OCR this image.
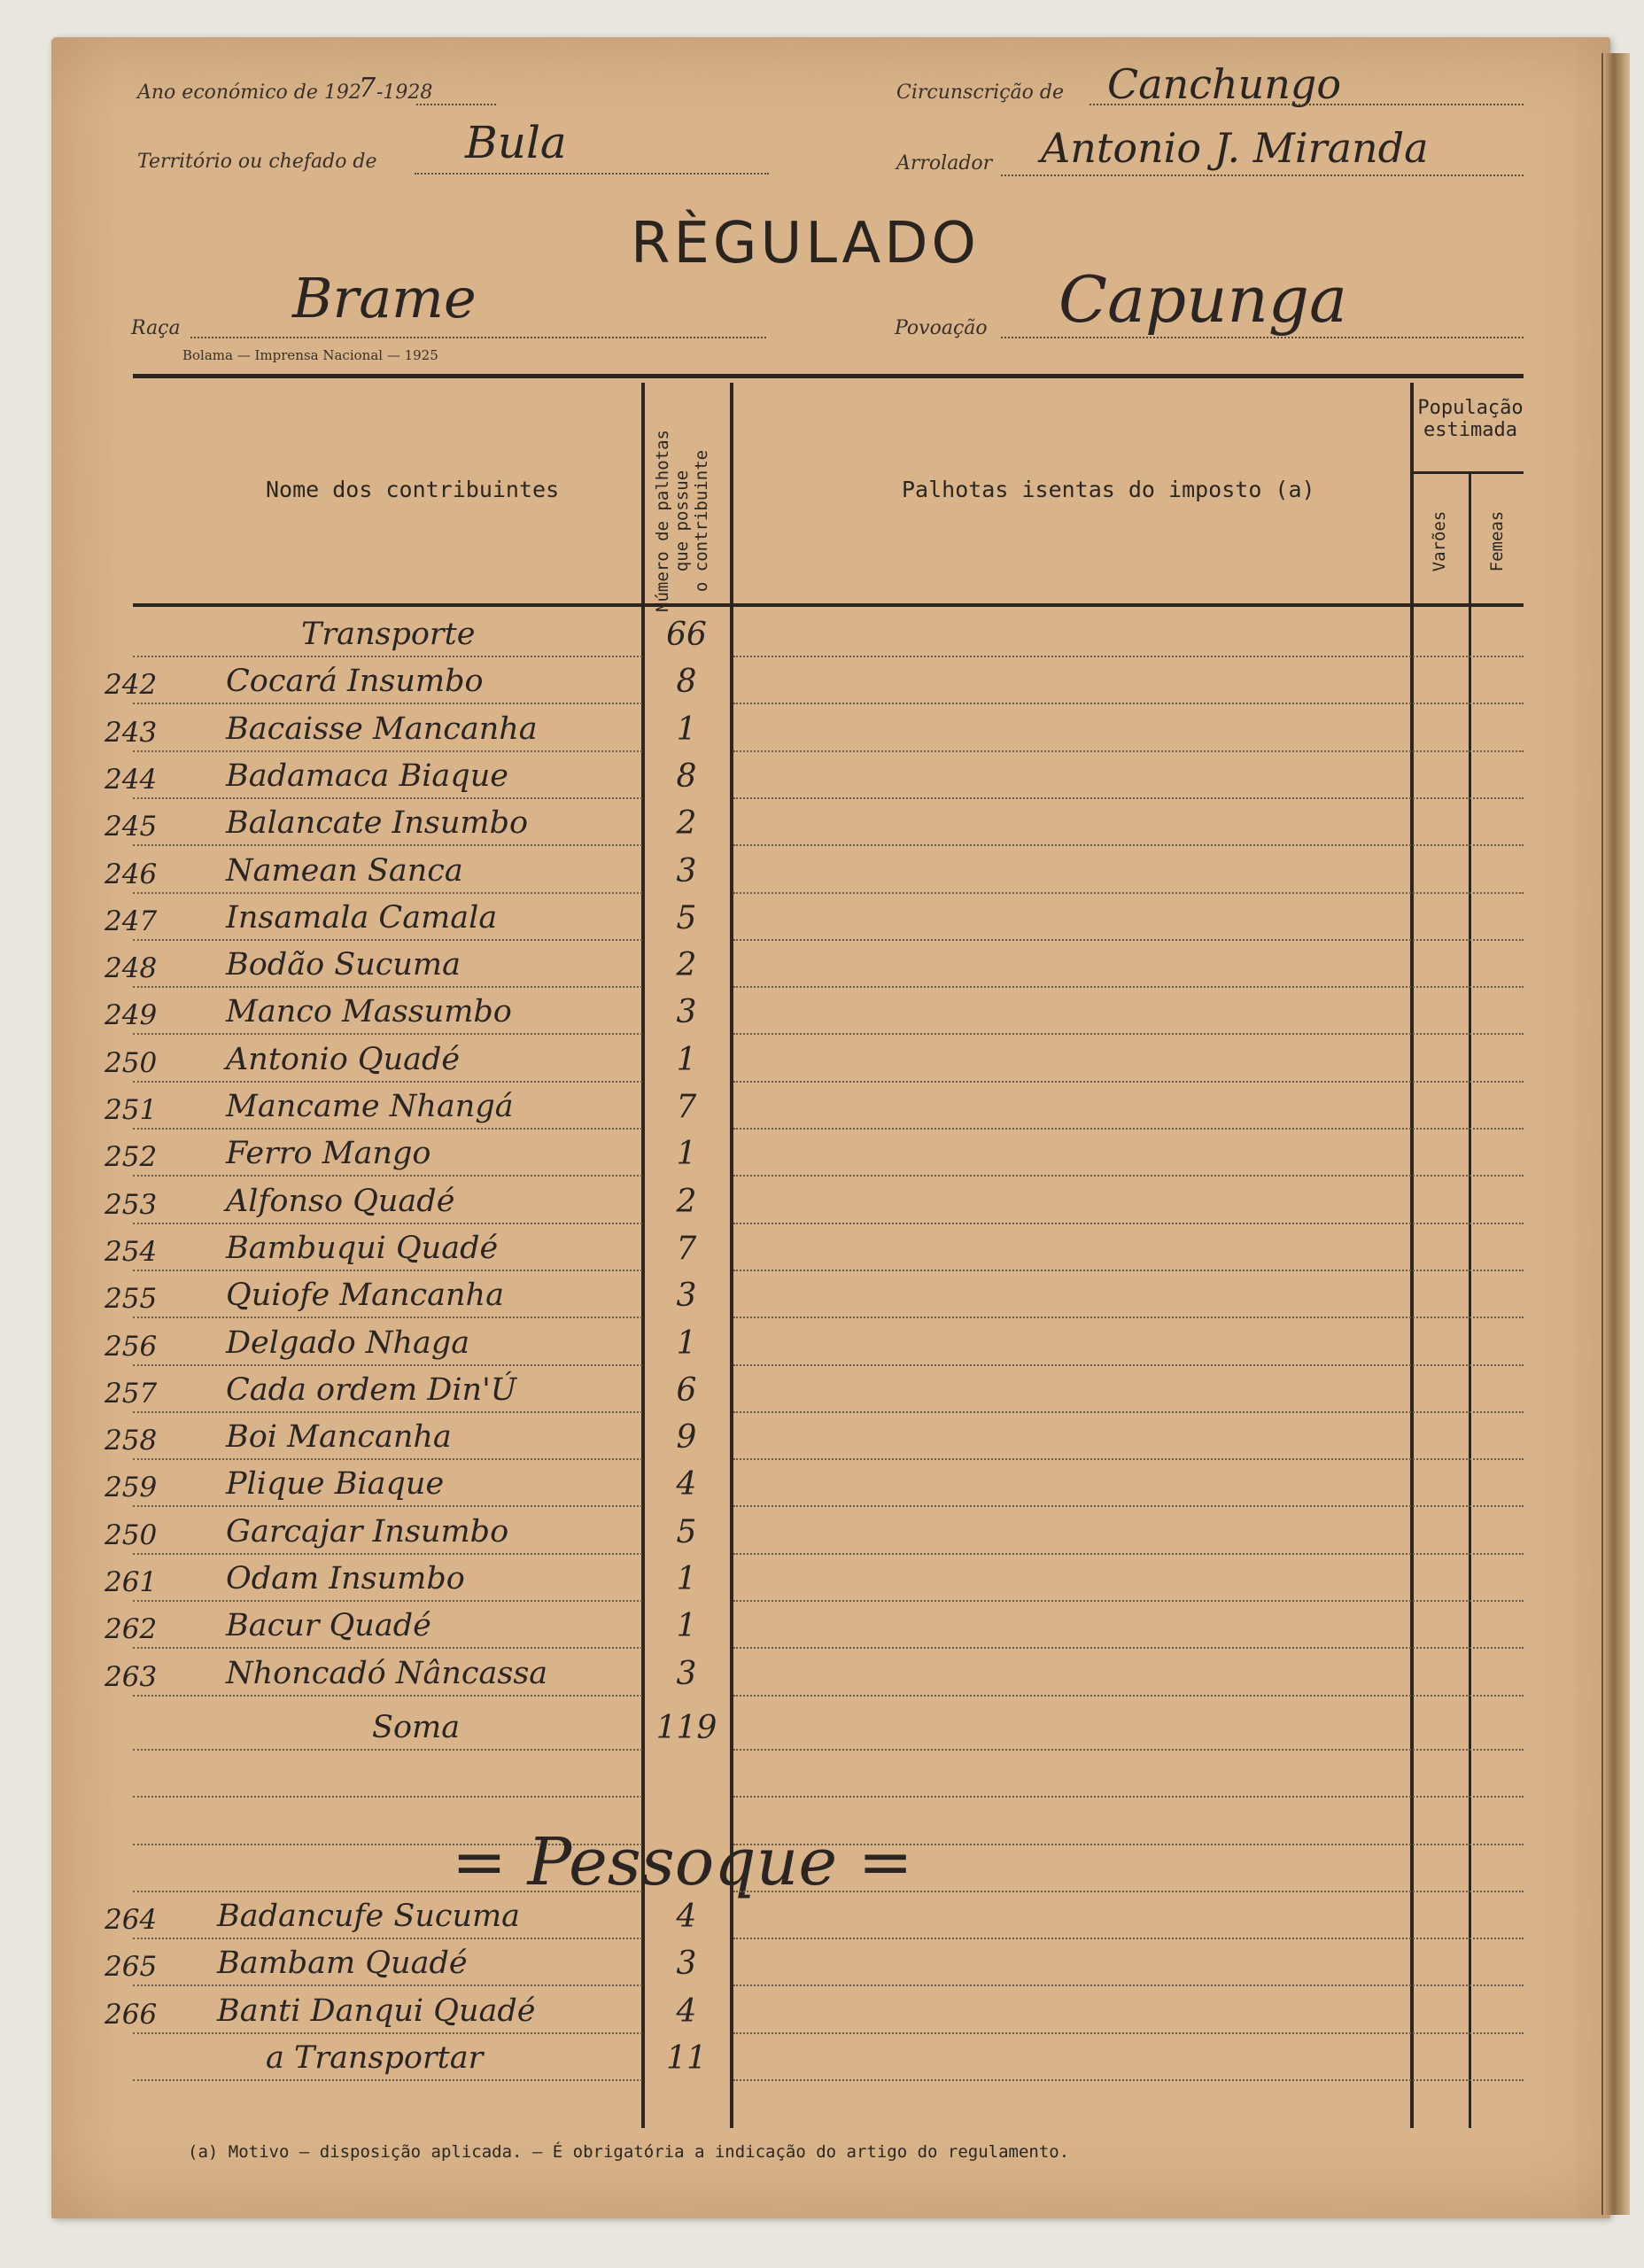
Ano económico de 192
7 -1928	Circunscrição de Canchungo
Território ou chefado de Bula	Arrolador Antonio J. Miranda
RÈGULADO
Raça Brame	Povoação Capunga
Bolama — Imprensa Nacional — 1925
Nome dos contribuintes	Número de palhotas que possue o contribuinte	Palhotas isentas do imposto (a)
População
estimada
Varões Femeas
Transporte	66
242 Cocará Insumbo	8
243 Bacaisse Mancanha	1
244 Badamaca Biaque	8
245 Balancate Insumbo	2
246 Namean Sanca	3
247 Insamala Camala	5
248 Bodão Sucuma	2
249 Manco Massumbo	3
250 Antonio Quadé	1
251 Mancame Nhangá	7
252 Ferro Mango	1
253 Alfonso Quadé	2
254 Bambuqui Quadé	7
255 Quiofe Mancanha	3
256 Delgado Nhaga	1
257 Cada ordem Din'Ú	6
258 Boi Mancanha	9
259 Plique Biaque	4
250 Garcajar Insumbo	5
261 Odam Insumbo	1
262 Bacur Quadé	1
263 Nhoncadó Nâncassa	3
Soma	119
= Pessoque =
264 Badancufe Sucuma	4
265 Bambam Quadé	3
266 Banti Danqui Quadé	4
a Transportar	11
(a) Motivo — disposição aplicada. — É obrigatória a indicação do artigo do regulamento.
